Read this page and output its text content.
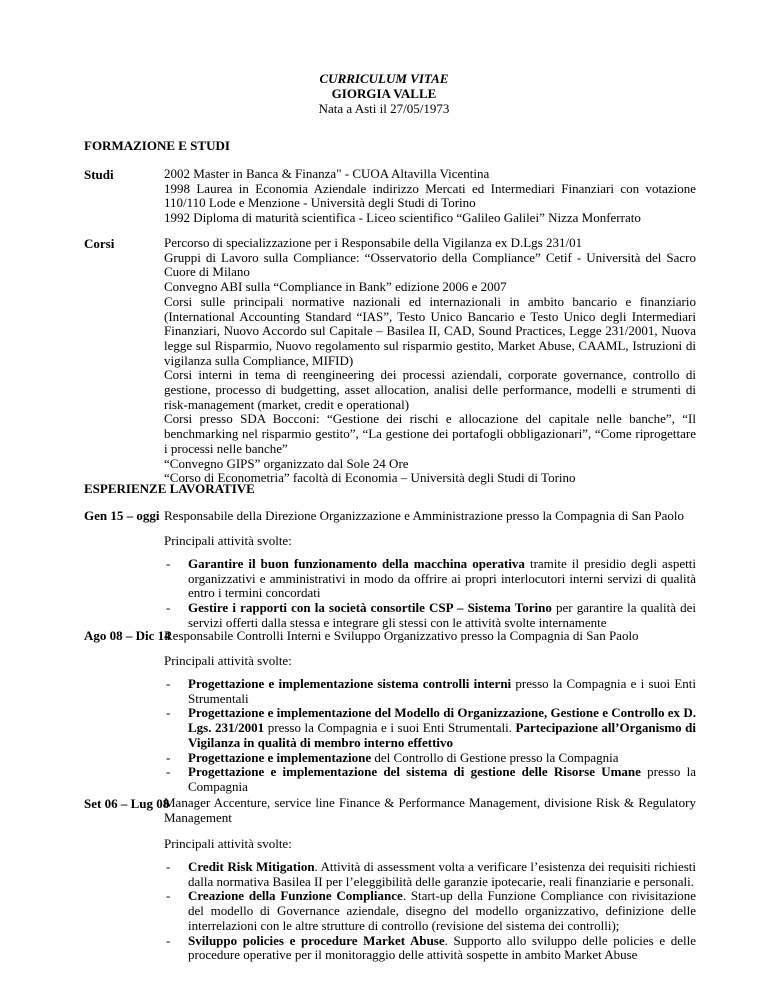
CURRICULUM VITAE
GIORGIA VALLE
Nata a Asti il 27/05/1973
FORMAZIONE E STUDI
Studi	2002 Master in Banca & Finanza" - CUOA Altavilla Vicentina
1998 Laurea in Economia Aziendale indirizzo Mercati ed Intermediari Finanziari con votazione 110/110 Lode e Menzione - Università degli Studi di Torino
1992 Diploma di maturità scientifica - Liceo scientifico “Galileo Galilei” Nizza Monferrato
Corsi	Percorso di specializzazione per i Responsabile della Vigilanza ex D.Lgs 231/01
Gruppi di Lavoro sulla Compliance: “Osservatorio della Compliance” Cetif - Università del Sacro Cuore di Milano
Convegno ABI sulla “Compliance in Bank” edizione 2006 e 2007
Corsi sulle principali normative nazionali ed internazionali in ambito bancario e finanziario (International Accounting Standard “IAS”, Testo Unico Bancario e Testo Unico degli Intermediari Finanziari, Nuovo Accordo sul Capitale – Basilea II, CAD, Sound Practices, Legge 231/2001, Nuova legge sul Risparmio, Nuovo regolamento sul risparmio gestito, Market Abuse, CAAML, Istruzioni di vigilanza sulla Compliance, MIFID)
Corsi interni in tema di reengineering dei processi aziendali, corporate governance, controllo di gestione, processo di budgetting, asset allocation, analisi delle performance, modelli e strumenti di risk-management (market, credit e operational)
Corsi presso SDA Bocconi: “Gestione dei rischi e allocazione del capitale nelle banche”, “Il benchmarking nel risparmio gestito”, “La gestione dei portafogli obbligazionari”, “Come riprogettare i processi nelle banche”
“Convegno GIPS” organizzato dal Sole 24 Ore
“Corso di Econometria” facoltà di Economia – Università degli Studi di Torino
ESPERIENZE LAVORATIVE
Gen 15 – oggi Responsabile della Direzione Organizzazione e Amministrazione presso la Compagnia di San Paolo
Principali attività svolte:
- Garantire il buon funzionamento della macchina operativa tramite il presidio degli aspetti organizzativi e amministrativi in modo da offrire ai propri interlocutori interni servizi di qualità entro i termini concordati
- Gestire i rapporti con la società consortile CSP – Sistema Torino per garantire la qualità dei servizi offerti dalla stessa e integrare gli stessi con le attività svolte internamente
Ago 08 – Dic 14
Responsabile Controlli Interni e Sviluppo Organizzativo presso la Compagnia di San Paolo
Principali attività svolte:
- Progettazione e implementazione sistema controlli interni presso la Compagnia e i suoi Enti Strumentali
- Progettazione e implementazione del Modello di Organizzazione, Gestione e Controllo ex D. Lgs. 231/2001 presso la Compagnia e i suoi Enti Strumentali. Partecipazione all’Organismo di Vigilanza in qualità di membro interno effettivo
- Progettazione e implementazione del Controllo di Gestione presso la Compagnia
- Progettazione e implementazione del sistema di gestione delle Risorse Umane presso la Compagnia
Set 06 – Lug 08
Manager Accenture, service line Finance & Performance Management, divisione Risk & Regulatory Management
Principali attività svolte:
- Credit Risk Mitigation. Attività di assessment volta a verificare l’esistenza dei requisiti richiesti dalla normativa Basilea II per l’eleggibilità delle garanzie ipotecarie, reali finanziarie e personali.
- Creazione della Funzione Compliance. Start-up della Funzione Compliance con rivisitazione del modello di Governance aziendale, disegno del modello organizzativo, definizione delle interrelazioni con le altre strutture di controllo (revisione del sistema dei controlli);
- Sviluppo policies e procedure Market Abuse. Supporto allo sviluppo delle policies e delle procedure operative per il monitoraggio delle attività sospette in ambito Market Abuse
